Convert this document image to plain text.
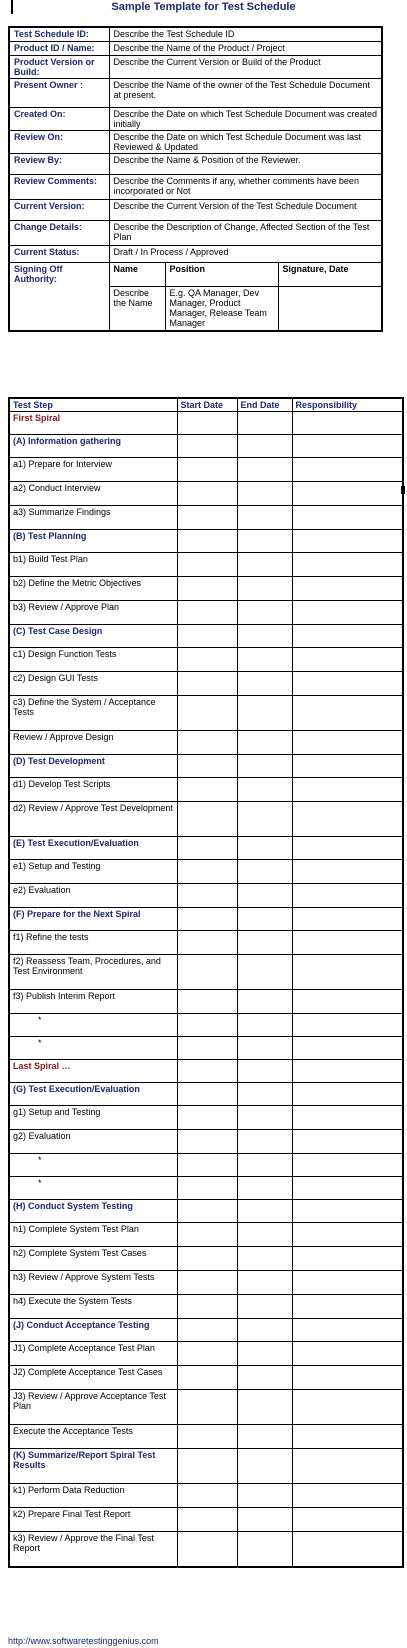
Sample Template for Test Schedule
Test Schedule ID:	Describe the Test Schedule ID		
Product ID / Name:	Describe the Name of the Product / Project		
Product Version or Build:	Describe the Current Version or Build of the Product		
Present Owner :	Describe the Name of the owner of the Test Schedule Document at present.		
Created On:	Describe the Date on which Test Schedule Document was created initially		
Review On:	Describe the Date on which Test Schedule Document was last Reviewed & Updated		
Review By:	Describe the Name & Position of the Reviewer.		
Review Comments:	Describe the Comments if any, whether comments have been incorporated or Not		
Current Version:	Describe the Current Version of the Test Schedule Document		
Change Details:	Describe the Description of Change, Affected Section of the Test Plan		
Current Status:	Draft / In Process / Approved		
Signing Off Authority:	Name	Position	Signature, Date
	Describe the Name	E.g. QA Manager, Dev Manager, Product Manager, Release Team Manager	
Test Step	Start Date	End Date	Responsibility
First Spiral			
(A) Information gathering			
a1) Prepare for Interview			
a2) Conduct Interview			
a3) Summarize Findings			
(B) Test Planning			
b1) Build Test Plan			
b2) Define the Metric Objectives			
b3) Review / Approve Plan			
(C) Test Case Design			
c1) Design Function Tests			
c2) Design GUI Tests			
c3) Define the System / Acceptance Tests			
Review / Approve Design			
(D) Test Development			
d1) Develop Test Scripts			
d2) Review / Approve Test Development			
(E) Test Execution/Evaluation			
e1) Setup and Testing			
e2) Evaluation			
(F) Prepare for the Next Spiral			
f1) Refine the tests			
f2) Reassess Team, Procedures, and Test Environment			
f3) Publish Interim Report			
*			
*			
Last Spiral …			
(G) Test Execution/Evaluation			
g1) Setup and Testing			
g2) Evaluation			
*			
*			
(H) Conduct System Testing			
h1) Complete System Test Plan			
h2) Complete System Test Cases			
h3) Review / Approve System Tests			
h4) Execute the System Tests			
(J) Conduct Acceptance Testing			
J1) Complete Acceptance Test Plan			
J2) Complete Acceptance Test Cases			
J3) Review / Approve Acceptance Test Plan			
Execute the Acceptance Tests			
(K) Summarize/Report Spiral Test Results			
k1) Perform Data Reduction			
k2) Prepare Final Test Report			
k3) Review / Approve the Final Test Report			
http://www.softwaretestinggenius.com
